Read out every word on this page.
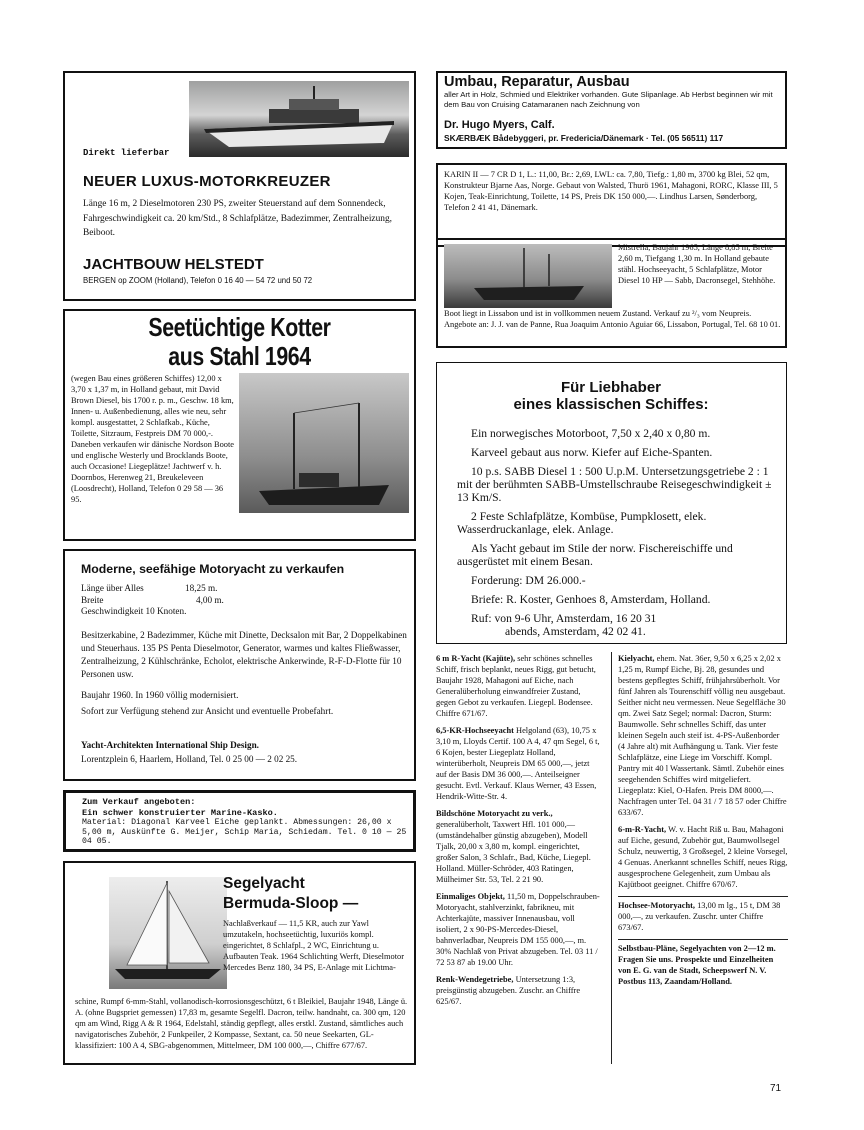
Direkt lieferbar
NEUER LUXUS-MOTORKREUZER
Länge 16 m, 2 Dieselmotoren 230 PS, zweiter Steuerstand auf dem Sonnendeck, Fahrgeschwindigkeit ca. 20 km/Std., 8 Schlafplätze, Badezimmer, Zentralheizung, Beiboot.
JACHTBOUW HELSTEDT
BERGEN op ZOOM (Holland), Telefon 0 16 40 — 54 72 und 50 72
Umbau, Reparatur, Ausbau
aller Art in Holz, Schmied und Elektriker vorhanden. Gute Slipanlage. Ab Herbst beginnen wir mit dem Bau von Cruising Catamaranen nach Zeichnung von
Dr. Hugo Myers, Calf.
SKÆRBÆK Bådebyggeri, pr. Fredericia/Dänemark · Tel. (05 56511) 117
KARIN II — 7 CR D 1, L.: 11,00, Br.: 2,69, LWL: ca. 7,80, Tiefg.: 1,80 m, 3700 kg Blei, 52 qm, Konstrukteur Bjarne Aas, Norge. Gebaut von Walsted, Thurö 1961, Mahagoni, RORC, Klasse III, 5 Kojen, Teak-Einrichtung, Toilette, 14 PS, Preis DK 150 000,—. Lindhus Larsen, Sønderborg, Telefon 2 41 41, Dänemark.
Mistrella, Baujahr 1965, Länge 8,85 m, Breite 2,60 m, Tiefgang 1,30 m. In Holland gebaute stähl. Hochseeyacht, 5 Schlafplätze, Motor Diesel 10 HP — Sabb, Dacronsegel, Stehhöhe.
Boot liegt in Lissabon und ist in vollkommen neuem Zustand. Verkauf zu ²/₃ vom Neupreis. Angebote an: J. J. van de Panne, Rua Joaquim Antonio Aguiar 66, Lissabon, Portugal, Tel. 68 10 01.
Seetüchtige Kotter
aus Stahl 1964
(wegen Bau eines größeren Schiffes) 12,00 x 3,70 x 1,37 m, in Holland gebaut, mit David Brown Diesel, bis 1700 r. p. m., Geschw. 18 km, Innen- u. Außenbedienung, alles wie neu, sehr kompl. ausgestattet, 2 Schlafkab., Küche, Toilette, Sitzraum, Festpreis DM 70 000,-. Daneben verkaufen wir dänische Nordson Boote und englische Westerly und Brocklands Boote, auch Occasione! Liegeplätze! Jachtwerf v. h. Doornbos, Herenweg 21, Breukeleveen (Loosdrecht), Holland, Telefon 0 29 58 — 36 95.
Für Liebhaber
eines klassischen Schiffes:

Ein norwegisches Motorboot, 7,50 x 2,40 x 0,80 m.

Karveel gebaut aus norw. Kiefer auf Eiche-Spanten.

10 p.s. SABB Diesel 1 : 500 U.p.M. Untersetzungsgetriebe 2 : 1 mit der berühmten SABB-Umstellschraube Reisegeschwindigkeit ± 13 Km/S.

2 Feste Schlafplätze, Kombüse, Pumpklosett, elek. Wasserdruckanlage, elek. Anlage.

Als Yacht gebaut im Stile der norw. Fischereischiffe und ausgerüstet mit einem Besan.

Forderung: DM 26.000.-

Briefe: R. Koster, Genhoes 8, Amsterdam, Holland.

Ruf: von 9-6 Uhr, Amsterdam, 16 20 31

abends, Amsterdam, 42 02 41.

Moderne, seefähige Motoryacht zu verkaufen
Länge über Alles	18,25 m.
Breite	4,00 m.
Geschwindigkeit 10 Knoten.
Besitzerkabine, 2 Badezimmer, Küche mit Dinette, Decksalon mit Bar, 2 Doppelkabinen und Steuerhaus. 135 PS Penta Dieselmotor, Generator, warmes und kaltes Fließwasser, Zentralheizung, 2 Kühlschränke, Echolot, elektrische Ankerwinde, R-F-D-Flotte für 10 Personen usw.
Baujahr 1960. In 1960 völlig modernisiert.
Sofort zur Verfügung stehend zur Ansicht und eventuelle Probefahrt.
Yacht-Architekten International Ship Design.
Lorentzplein 6, Haarlem, Holland, Tel. 0 25 00 — 2 02 25.
Zum Verkauf angeboten:
Ein schwer konstruierter Marine-Kasko.
Material: Diagonal Karveel Eiche geplankt. Abmessungen: 26,00 x 5,00 m, Auskünfte G. Meijer, Schip Maria, Schiedam. Tel. 0 10 — 25 04 05.
Segelyacht
Bermuda-Sloop —
Nachlaßverkauf — 11,5 KR, auch zur Yawl umzutakeln, hochseetüchtig, luxuriös kompl. eingerichtet, 8 Schlafpl., 2 WC, Einrichtung u. Aufbauten Teak. 1964 Schlichting Werft, Dieselmotor Mercedes Benz 180, 34 PS, E-Anlage mit Lichtma-
schine, Rumpf 6-mm-Stahl, vollanodisch-korrosionsgeschützt, 6 t Bleikiel, Baujahr 1948, Länge ü. A. (ohne Bugspriet gemessen) 17,83 m, gesamte Segelfl. Dacron, teilw. handnaht, ca. 300 qm, 120 qm am Wind, Rigg A & R 1964, Edelstahl, ständig gepflegt, alles erstkl. Zustand, sämtliches auch navigatorisches Zubehör, 2 Funkpeiler, 2 Kompasse, Sextant, ca. 50 neue Seekarten, GL-klassifiziert: 100 A 4, SBG-abgenommen, Mittelmeer, DM 100 000,—, Chiffre 677/67.

6 m R-Yacht (Kajüte), sehr schönes schnelles Schiff, frisch beplankt, neues Rigg, gut betucht, Baujahr 1928, Mahagoni auf Eiche, nach Generalüberholung einwandfreier Zustand, gegen Gebot zu verkaufen. Liegepl. Bodensee. Chiffre 671/67.

6,5-KR-Hochseeyacht Helgoland (63), 10,75 x 3,10 m, Lloyds Certif. 100 A 4, 47 qm Segel, 6 t, 6 Kojen, bester Liegeplatz Holland, winterüberholt, Neupreis DM 65 000,—, jetzt auf der Basis DM 36 000,—. Anteilseigner gesucht. Evtl. Verkauf. Klaus Werner, 43 Essen, Hendrik-Witte-Str. 4.

Bildschöne Motoryacht zu verk., generalüberholt, Taxwert Hfl. 101 000,— (umständehalber günstig abzugeben), Modell Tjalk, 20,00 x 3,80 m, kompl. eingerichtet, großer Salon, 3 Schlafr., Bad, Küche, Liegepl. Holland. Müller-Schröder, 403 Ratingen, Mülheimer Str. 53, Tel. 2 21 90.

Einmaliges Objekt, 11,50 m, Doppelschrauben-Motoryacht, stahlverzinkt, fabrikneu, mit Achterkajüte, massiver Innenausbau, voll isoliert, 2 x 90-PS-Mercedes-Diesel, bahnverladbar, Neupreis DM 155 000,—, m. 30% Nachlaß von Privat abzugeben. Tel. 03 11 / 72 53 87 ab 19.00 Uhr.

Renk-Wendegetriebe, Untersetzung 1:3, preisgünstig abzugeben. Zuschr. an Chiffre 625/67.

Kielyacht, ehem. Nat. 36er, 9,50 x 6,25 x 2,02 x 1,25 m, Rumpf Eiche, Bj. 28, gesundes und bestens gepflegtes Schiff, frühjahrsüberholt. Vor fünf Jahren als Tourenschiff völlig neu ausgebaut. Seither nicht neu vermessen. Neue Segelfläche 30 qm. Zwei Satz Segel; normal: Dacron, Sturm: Baumwolle. Sehr schnelles Schiff, das unter kleinen Segeln auch steif ist. 4-PS-Außenborder (4 Jahre alt) mit Aufhängung u. Tank. Vier feste Schlafplätze, eine Liege im Vorschiff. Kompl. Pantry mit 40 l Wassertank. Sämtl. Zubehör eines seegehenden Schiffes wird mitgeliefert. Liegeplatz: Kiel, O-Hafen. Preis DM 8000,—. Nachfragen unter Tel. 04 31 / 7 18 57 oder Chiffre 633/67.

6-m-R-Yacht, W. v. Hacht Riß u. Bau, Mahagoni auf Eiche, gesund, Zubehör gut, Baumwollsegel Schulz, neuwertig, 3 Großsegel, 2 kleine Vorsegel, 4 Genuas. Anerkannt schnelles Schiff, neues Rigg, ausgesprochene Gelegenheit, zum Umbau als Kajütboot geeignet. Chiffre 670/67.

Hochsee-Motoryacht, 13,00 m lg., 15 t, DM 38 000,—, zu verkaufen. Zuschr. unter Chiffre 673/67.

Selbstbau-Pläne, Segelyachten von 2—12 m. Fragen Sie uns. Prospekte und Einzelheiten von E. G. van de Stadt, Scheepswerf N. V. Postbus 113, Zaandam/Holland.

71
